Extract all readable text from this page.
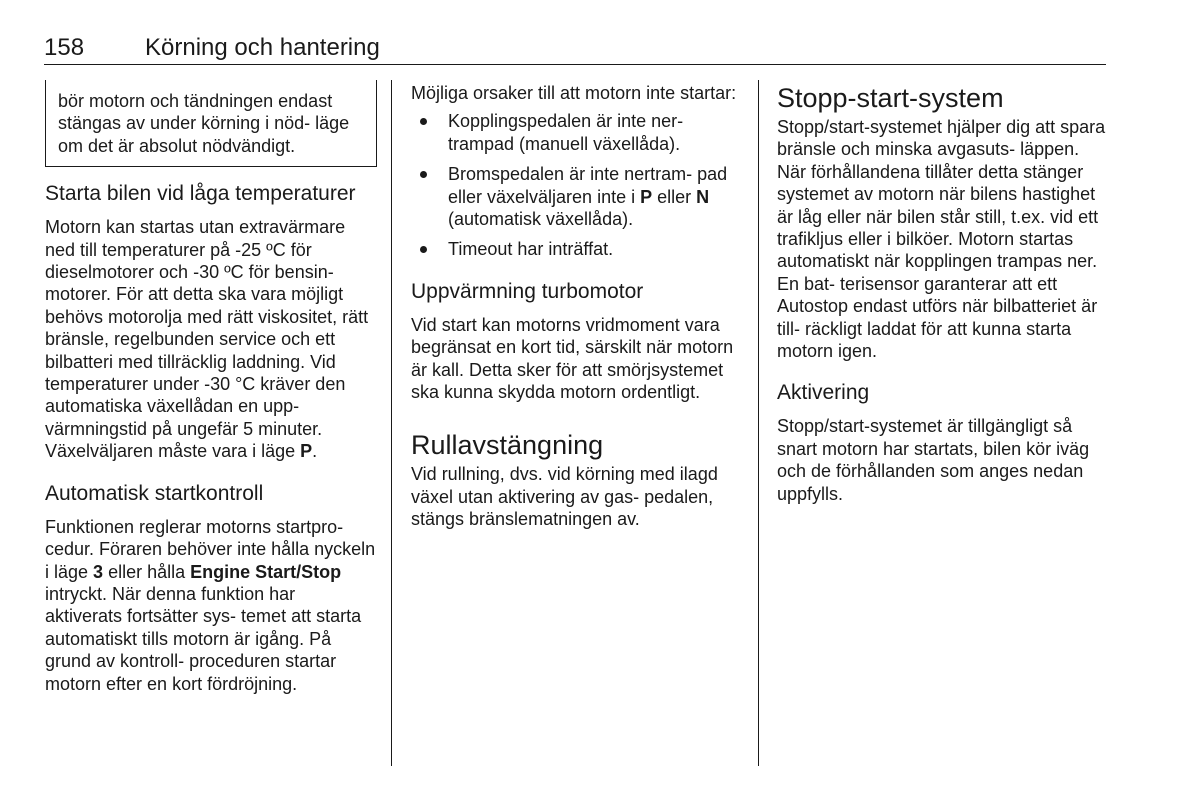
158	Körning och hantering

bör motorn och tändningen endast stängas av under körning i nöd- läge om det är absolut nödvändigt.

Starta bilen vid låga temperaturer

Motorn kan startas utan extravärmare ned till temperaturer på -25 ºC för dieselmotorer och -30 ºC för bensin- motorer. För att detta ska vara möjligt behövs motorolja med rätt viskositet, rätt bränsle, regelbunden service och ett bilbatteri med tillräcklig laddning. Vid temperaturer under -30 °C kräver den automatiska växellådan en upp- värmningstid på ungefär 5 minuter. Växelväljaren måste vara i läge P.

Automatisk startkontroll

Funktionen reglerar motorns startpro- cedur. Föraren behöver inte hålla nyckeln i läge 3 eller hålla Engine Start/Stop intryckt. När denna funktion har aktiverats fortsätter sys- temet att starta automatiskt tills motorn är igång. På grund av kontroll- proceduren startar motorn efter en kort fördröjning.

Möjliga orsaker till att motorn inte startar:

Kopplingspedalen är inte ner- trampad (manuell växellåda).
Bromspedalen är inte nertram- pad eller växelväljaren inte i P eller N (automatisk växellåda).
Timeout har inträffat.
Uppvärmning turbomotor

Vid start kan motorns vridmoment vara begränsat en kort tid, särskilt när motorn är kall. Detta sker för att smörjsystemet ska kunna skydda motorn ordentligt.

Rullavstängning

Vid rullning, dvs. vid körning med ilagd växel utan aktivering av gas- pedalen, stängs bränslematningen av.

Stopp-start-system

Stopp/start-systemet hjälper dig att spara bränsle och minska avgasuts- läppen. När förhållandena tillåter detta stänger systemet av motorn när bilens hastighet är låg eller när bilen står still, t.ex. vid ett trafikljus eller i bilköer. Motorn startas automatiskt när kopplingen trampas ner. En bat- terisensor garanterar att ett Autostop endast utförs när bilbatteriet är till- räckligt laddat för att kunna starta motorn igen.

Aktivering

Stopp/start-systemet är tillgängligt så snart motorn har startats, bilen kör iväg och de förhållanden som anges nedan uppfylls.
